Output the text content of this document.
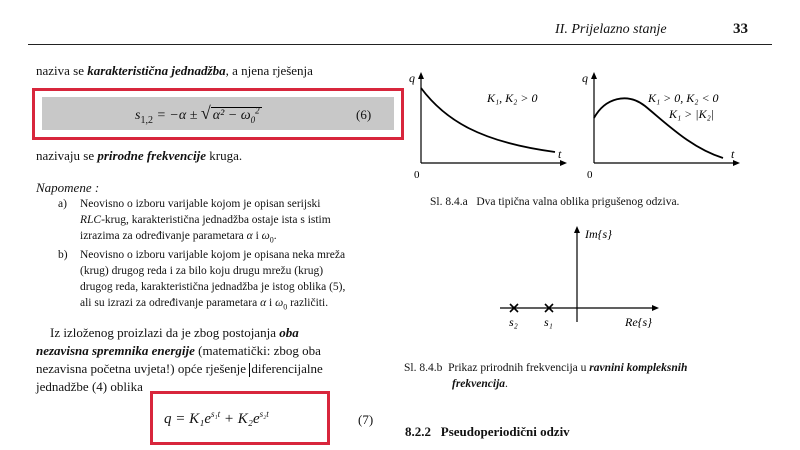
II. Prijelazno stanje	33
naziva se karakteristična jednadžba, a njena rješenja
$s_{1,2} = -\alpha$ ± √ $\alpha^2 - \omega_0^2$	(6)
nazivaju se prirodne frekvencije kruga.
Napomene :
a) Neovisno o izboru varijable kojom je opisan serijski
RLC-krug, karakteristična jednadžba ostaje ista s istim
izrazima za određivanje parametara α i $\omega_0$.
b) Neovisno o izboru varijable kojom je opisana neka mreža
(krug) drugog reda i za bilo koju drugu mrežu (krug)
drugog reda, karakteristična jednadžba je istog oblika (5),
ali su izrazi za određivanje parametara α i $\omega_0$ različiti.
Iz izloženog proizlazi da je zbog postojanja oba
nezavisna spremnika energije (matematički: zbog oba
nezavisna početna uvjeta!) opće rješenje diferencijalne
jednadžbe (4) oblika
$q = K_1e^{s_1t} + K_2e^{s_2t}$	(7)
q
t
0
K₁, K₂ > 0
q
t
0
K₁ > 0, K₂ < 0
K₁ > |K₂|
Sl. 8.4.a Dva tipična valna oblika prigušenog odziva.
Im{s}
Re{s}
s₂ s₁
Sl. 8.4.b Prikaz prirodnih frekvencija u ravnini kompleksnih
frekvencija.
8.2.2 Pseudoperiodični odziv
